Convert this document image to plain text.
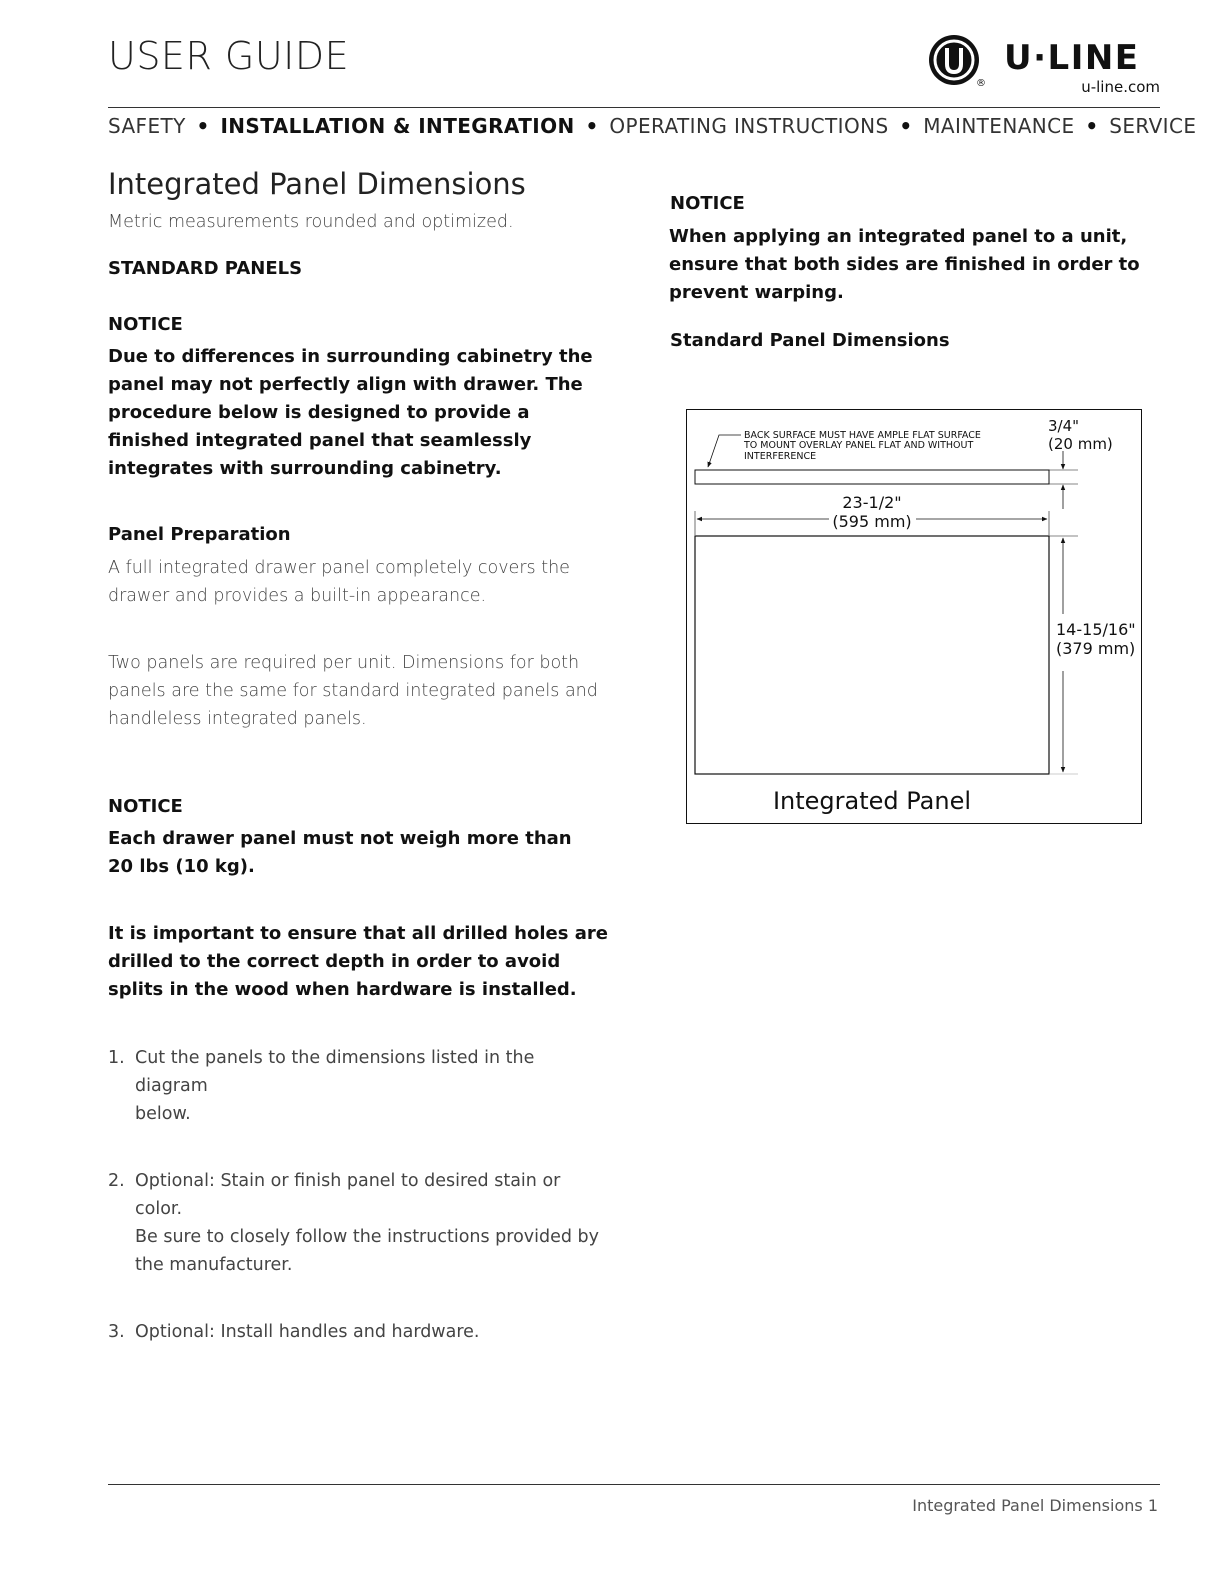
USER GUIDE
®
U·LINE
u-line.com
SAFETY • INSTALLATION & INTEGRATION • OPERATING INSTRUCTIONS • MAINTENANCE • SERVICE
Integrated Panel Dimensions
Metric measurements rounded and optimized.
STANDARD PANELS
NOTICE
Due to differences in surrounding cabinetry the
panel may not perfectly align with drawer. The
procedure below is designed to provide a
finished integrated panel that seamlessly
integrates with surrounding cabinetry.
Panel Preparation
A full integrated drawer panel completely covers the
drawer and provides a built-in appearance.
Two panels are required per unit. Dimensions for both
panels are the same for standard integrated panels and
handleless integrated panels.
NOTICE
Each drawer panel must not weigh more than
20 lbs (10 kg).
It is important to ensure that all drilled holes are
drilled to the correct depth in order to avoid
splits in the wood when hardware is installed.
1. Cut the panels to the dimensions listed in the diagram
below.
2. Optional: Stain or finish panel to desired stain or color.
Be sure to closely follow the instructions provided by
the manufacturer.
3. Optional: Install handles and hardware.
NOTICE
When applying an integrated panel to a unit,
ensure that both sides are finished in order to
prevent warping.
Standard Panel Dimensions
BACK SURFACE MUST HAVE AMPLE FLAT SURFACE
TO MOUNT OVERLAY PANEL FLAT AND WITHOUT
INTERFERENCE
3/4"
(20 mm)
23-1/2"
(595 mm)
14-15/16"
(379 mm)
Integrated Panel
Integrated Panel Dimensions 1
